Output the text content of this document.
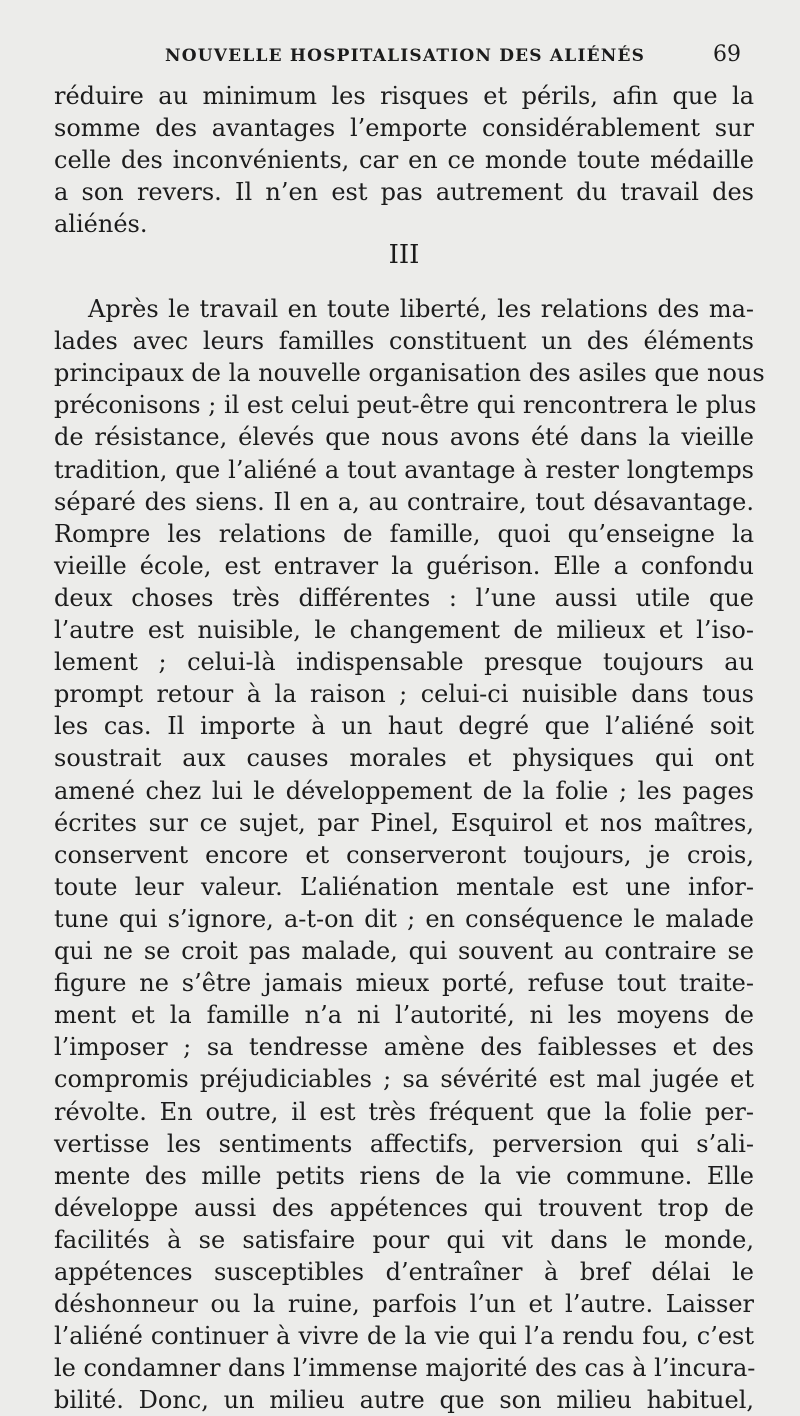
NOUVELLE HOSPITALISATION DES ALIÉNÉS	69
réduire au minimum les risques et périls, afin que la
somme des avantages l’emporte considérablement sur
celle des inconvénients, car en ce monde toute médaille
a son revers. Il n’en est pas autrement du travail des
aliénés.
III
Après le travail en toute liberté, les relations des ma-
lades avec leurs familles constituent un des éléments
principaux de la nouvelle organisation des asiles que nous
préconisons ; il est celui peut-être qui rencontrera le plus
de résistance, élevés que nous avons été dans la vieille
tradition, que l’aliéné a tout avantage à rester longtemps
séparé des siens. Il en a, au contraire, tout désavantage.
Rompre les relations de famille, quoi qu’enseigne la
vieille école, est entraver la guérison. Elle a confondu
deux choses très différentes : l’une aussi utile que
l’autre est nuisible, le changement de milieux et l’iso-
lement ; celui-là indispensable presque toujours au
prompt retour à la raison ; celui-ci nuisible dans tous
les cas. Il importe à un haut degré que l’aliéné soit
soustrait aux causes morales et physiques qui ont
amené chez lui le développement de la folie ; les pages
écrites sur ce sujet, par Pinel, Esquirol et nos maîtres,
conservent encore et conserveront toujours, je crois,
toute leur valeur. L’aliénation mentale est une infor-
tune qui s’ignore, a-t-on dit ; en conséquence le malade
qui ne se croit pas malade, qui souvent au contraire se
figure ne s’être jamais mieux porté, refuse tout traite-
ment et la famille n’a ni l’autorité, ni les moyens de
l’imposer ; sa tendresse amène des faiblesses et des
compromis préjudiciables ; sa sévérité est mal jugée et
révolte. En outre, il est très fréquent que la folie per-
vertisse les sentiments affectifs, perversion qui s’ali-
mente des mille petits riens de la vie commune. Elle
développe aussi des appétences qui trouvent trop de
facilités à se satisfaire pour qui vit dans le monde,
appétences susceptibles d’entraîner à bref délai le
déshonneur ou la ruine, parfois l’un et l’autre. Laisser
l’aliéné continuer à vivre de la vie qui l’a rendu fou, c’est
le condamner dans l’immense majorité des cas à l’incura-
bilité. Donc, un milieu autre que son milieu habituel,
